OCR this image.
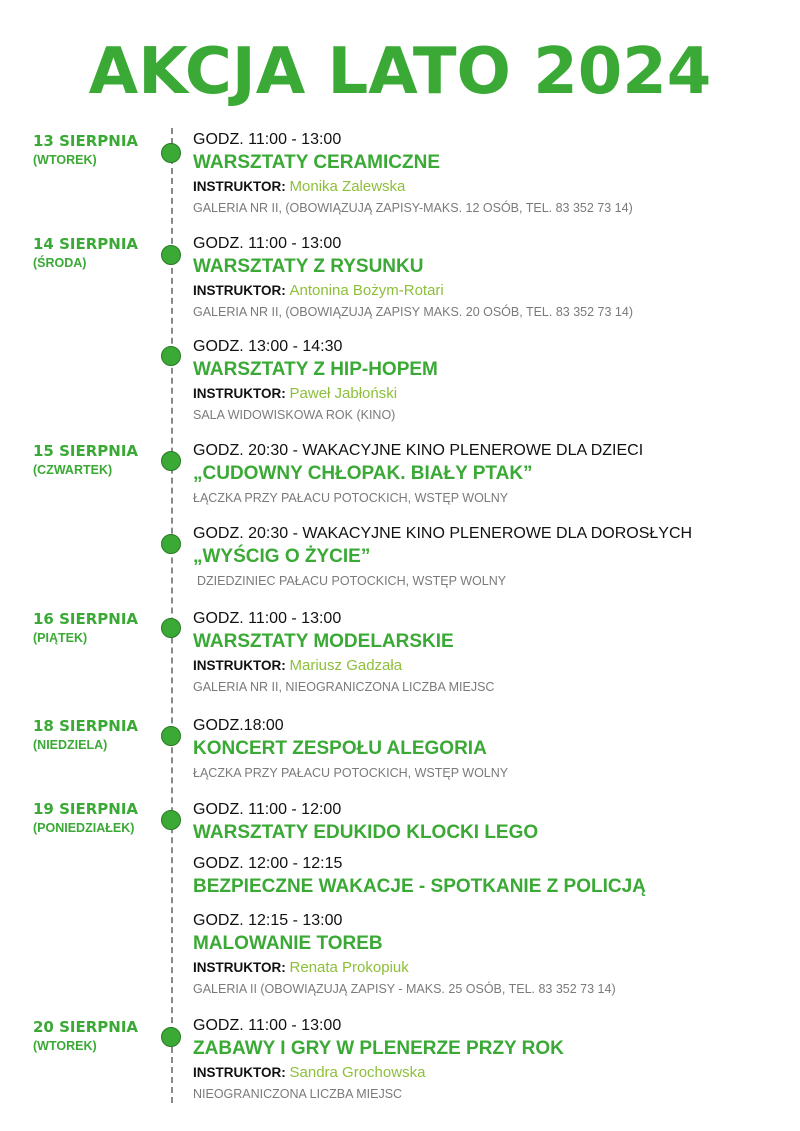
AKCJA LATO 2024
13 SIERPNIA
(WTOREK)
14 SIERPNIA
(ŚRODA)
15 SIERPNIA
(CZWARTEK)
16 SIERPNIA
(PIĄTEK)
18 SIERPNIA
(NIEDZIELA)
19 SIERPNIA
(PONIEDZIAŁEK)
20 SIERPNIA
(WTOREK)
GODZ. 11:00 - 13:00
WARSZTATY CERAMICZNE
INSTRUKTOR: Monika Zalewska
GALERIA NR II, (OBOWIĄZUJĄ ZAPISY-MAKS. 12 OSÓB, TEL. 83 352 73 14)
GODZ. 11:00 - 13:00
WARSZTATY Z RYSUNKU
INSTRUKTOR: Antonina Bożym-Rotari
GALERIA NR II, (OBOWIĄZUJĄ ZAPISY MAKS. 20 OSÓB, TEL. 83 352 73 14)
GODZ. 13:00 - 14:30
WARSZTATY Z HIP-HOPEM
INSTRUKTOR: Paweł Jabłoński
SALA WIDOWISKOWA ROK (KINO)
GODZ. 20:30 - WAKACYJNE KINO PLENEROWE DLA DZIECI
„CUDOWNY CHŁOPAK. BIAŁY PTAK”
ŁĄCZKA PRZY PAŁACU POTOCKICH, WSTĘP WOLNY
GODZ. 20:30 - WAKACYJNE KINO PLENEROWE DLA DOROSŁYCH
„WYŚCIG O ŻYCIE”
DZIEDZINIEC PAŁACU POTOCKICH, WSTĘP WOLNY
GODZ. 11:00 - 13:00
WARSZTATY MODELARSKIE
INSTRUKTOR: Mariusz Gadzała
GALERIA NR II, NIEOGRANICZONA LICZBA MIEJSC
GODZ.18:00
KONCERT ZESPOŁU ALEGORIA
ŁĄCZKA PRZY PAŁACU POTOCKICH, WSTĘP WOLNY
GODZ. 11:00 - 12:00
WARSZTATY EDUKIDO KLOCKI LEGO
GODZ. 12:00 - 12:15
BEZPIECZNE WAKACJE - SPOTKANIE Z POLICJĄ
GODZ. 12:15 - 13:00
MALOWANIE TOREB
INSTRUKTOR: Renata Prokopiuk
GALERIA II (OBOWIĄZUJĄ ZAPISY - MAKS. 25 OSÓB, TEL. 83 352 73 14)
GODZ. 11:00 - 13:00
ZABAWY I GRY W PLENERZE PRZY ROK
INSTRUKTOR: Sandra Grochowska
NIEOGRANICZONA LICZBA MIEJSC
